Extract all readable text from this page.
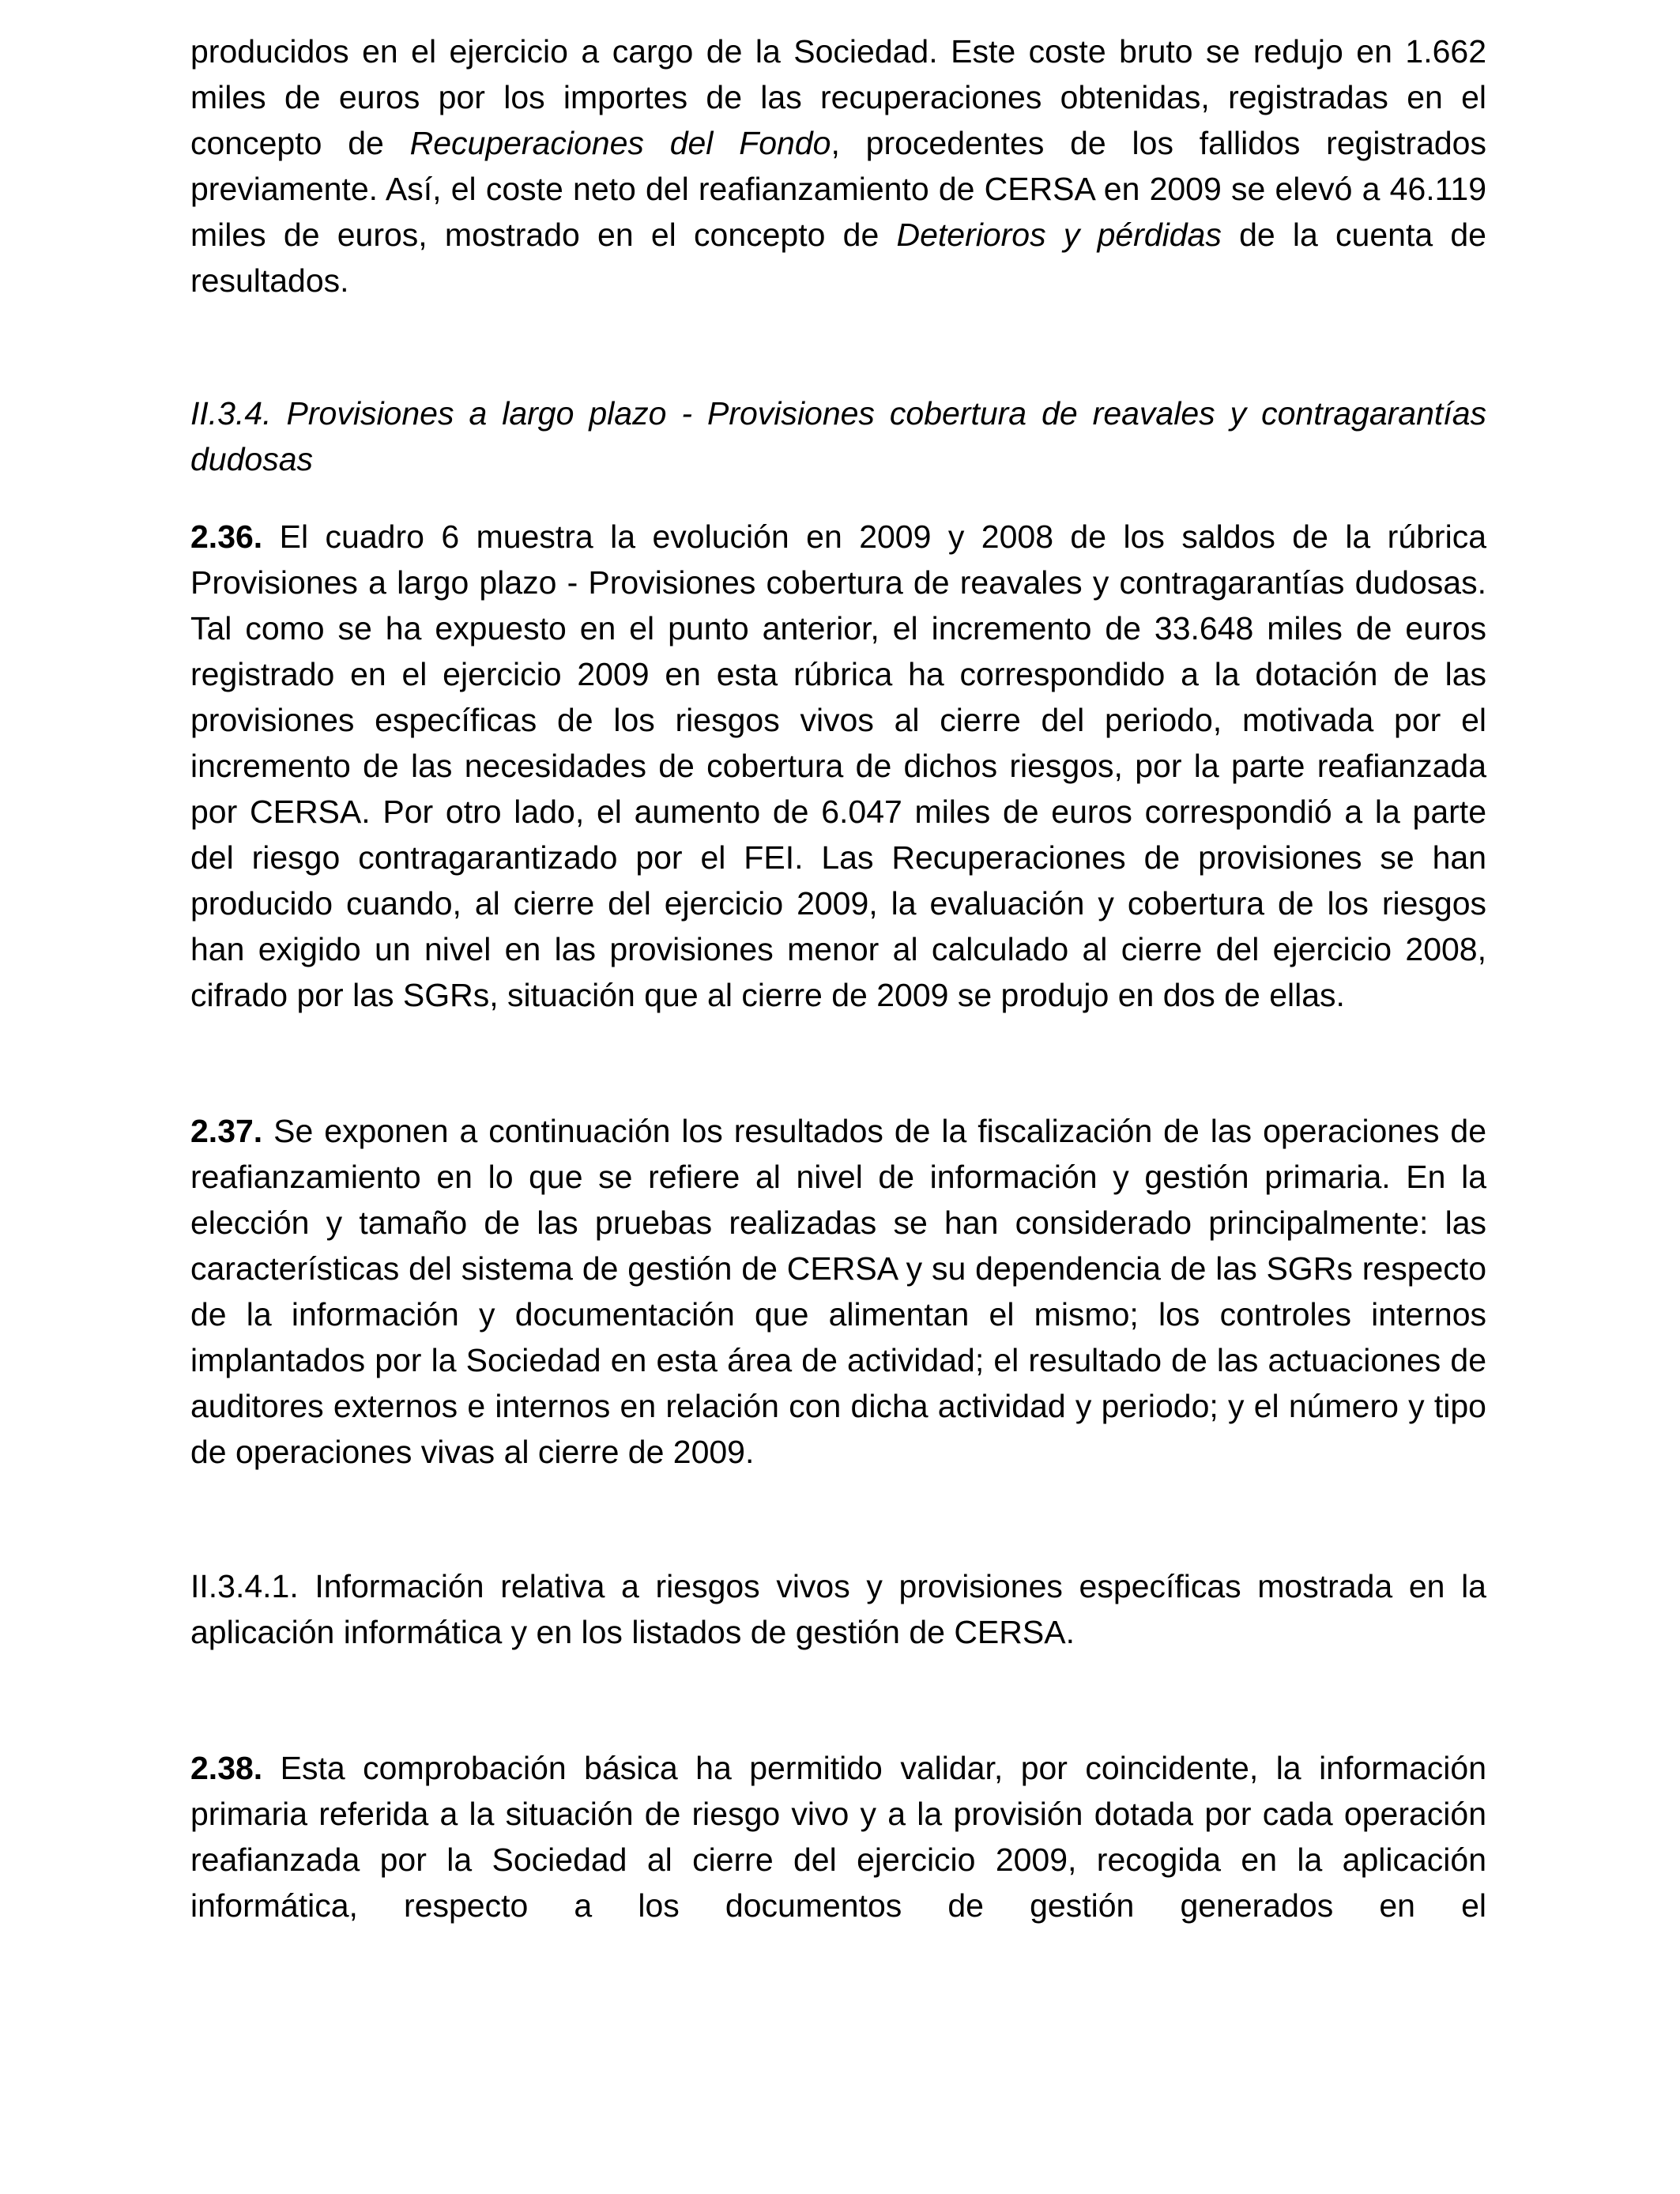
producidos en el ejercicio a cargo de la Sociedad. Este coste bruto se redujo en 1.662 miles de euros por los importes de las recuperaciones obtenidas, registradas en el concepto de Recuperaciones del Fondo, procedentes de los fallidos registrados previamente. Así, el coste neto del reafianzamiento de CERSA en 2009 se elevó a 46.119 miles de euros, mostrado en el concepto de Deterioros y pérdidas de la cuenta de resultados.

II.3.4. Provisiones a largo plazo - Provisiones cobertura de reavales y contragarantías dudosas

2.36. El cuadro 6 muestra la evolución en 2009 y 2008 de los saldos de la rúbrica Provisiones a largo plazo - Provisiones cobertura de reavales y contragarantías dudosas. Tal como se ha expuesto en el punto anterior, el incremento de 33.648 miles de euros registrado en el ejercicio 2009 en esta rúbrica ha correspondido a la dotación de las provisiones específicas de los riesgos vivos al cierre del periodo, motivada por el incremento de las necesidades de cobertura de dichos riesgos, por la parte reafianzada por CERSA. Por otro lado, el aumento de 6.047 miles de euros correspondió a la parte del riesgo contragarantizado por el FEI. Las Recuperaciones de provisiones se han producido cuando, al cierre del ejercicio 2009, la evaluación y cobertura de los riesgos han exigido un nivel en las provisiones menor al calculado al cierre del ejercicio 2008, cifrado por las SGRs, situación que al cierre de 2009 se produjo en dos de ellas.

2.37. Se exponen a continuación los resultados de la fiscalización de las operaciones de reafianzamiento en lo que se refiere al nivel de información y gestión primaria. En la elección y tamaño de las pruebas realizadas se han considerado principalmente: las características del sistema de gestión de CERSA y su dependencia de las SGRs respecto de la información y documentación que alimentan el mismo; los controles internos implantados por la Sociedad en esta área de actividad; el resultado de las actuaciones de auditores externos e internos en relación con dicha actividad y periodo; y el número y tipo de operaciones vivas al cierre de 2009.

II.3.4.1. Información relativa a riesgos vivos y provisiones específicas mostrada en la aplicación informática y en los listados de gestión de CERSA.

2.38. Esta comprobación básica ha permitido validar, por coincidente, la información primaria referida a la situación de riesgo vivo y a la provisión dotada por cada operación reafianzada por la Sociedad al cierre del ejercicio 2009, recogida en la aplicación informática, respecto a los documentos de gestión generados en el
